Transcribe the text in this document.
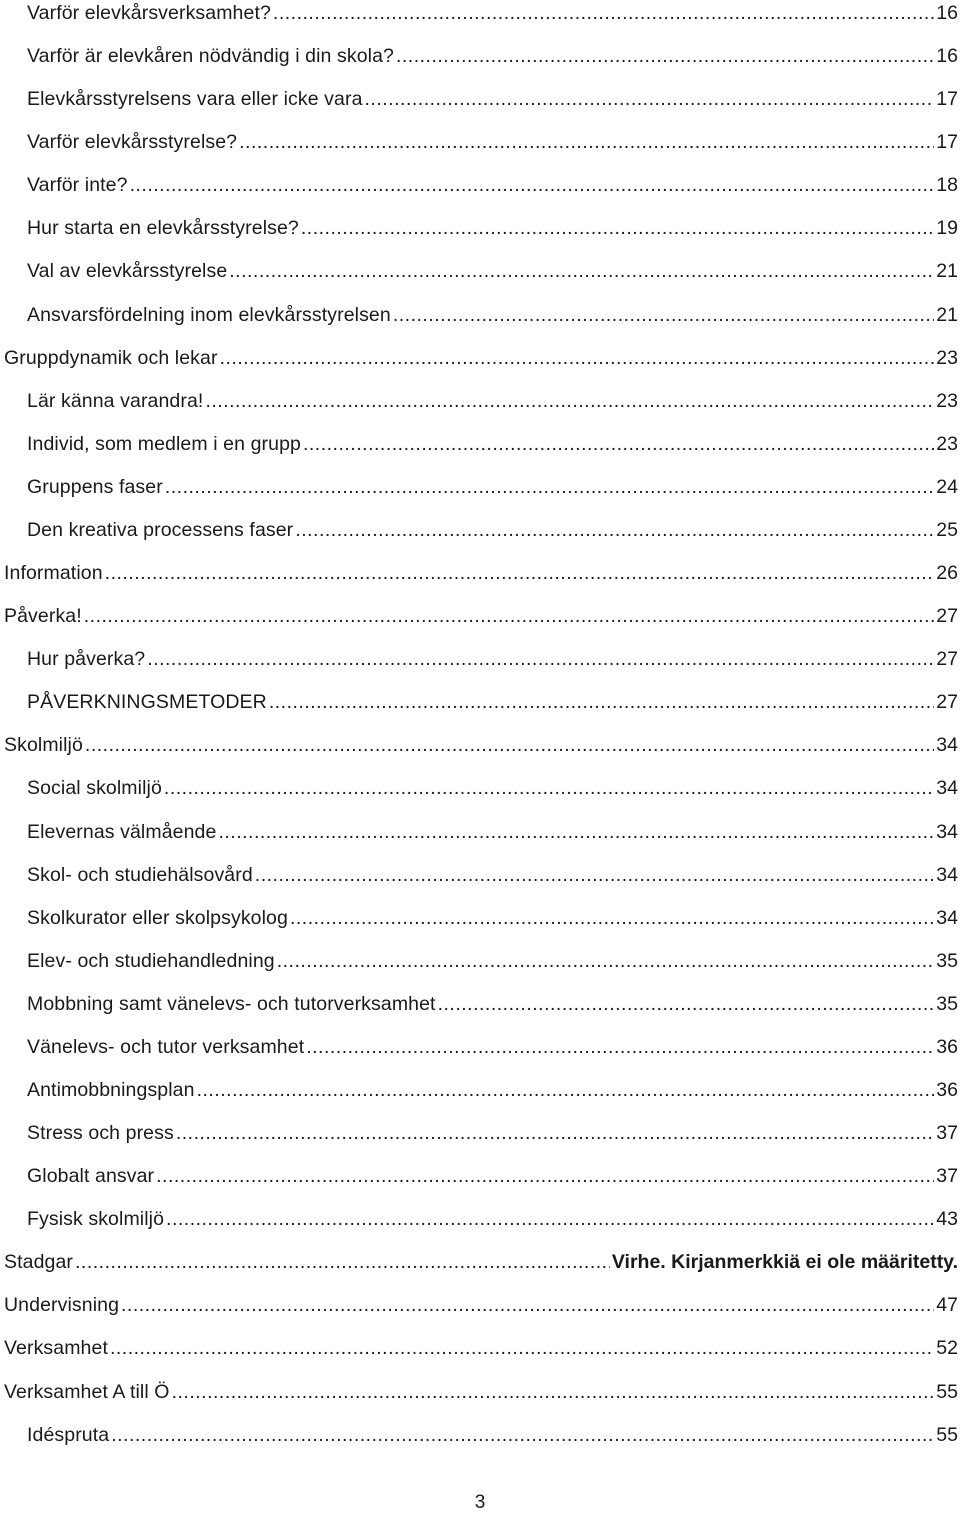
Varför elevkårsverksamhet? .....	16
Varför är elevkåren nödvändig i din skola? .....	16
Elevkårsstyrelsens vara eller icke vara .....	17
Varför elevkårsstyrelse? .....	17
Varför inte? .....	18
Hur starta en elevkårsstyrelse? .....	19
Val av elevkårsstyrelse .....	21
Ansvarsfördelning inom elevkårsstyrelsen .....	21
Gruppdynamik och lekar .....	23
Lär känna varandra! .....	23
Individ, som medlem i en grupp .....	23
Gruppens faser .....	24
Den kreativa processens faser .....	25
Information .....	26
Påverka! .....	27
Hur påverka? .....	27
PÅVERKNINGSMETODER .....	27
Skolmiljö .....	34
Social skolmiljö .....	34
Elevernas välmående .....	34
Skol- och studiehälsovård .....	34
Skolkurator eller skolpsykolog .....	34
Elev- och studiehandledning .....	35
Mobbning samt vänelevs- och tutorverksamhet .....	35
Vänelevs- och tutor verksamhet .....	36
Antimobbningsplan .....	36
Stress och press .....	37
Globalt ansvar .....	37
Fysisk skolmiljö .....	43
Stadgar .....	Virhe. Kirjanmerkkiä ei ole määritetty.
Undervisning .....	47
Verksamhet .....	52
Verksamhet A till Ö .....	55
Idéspruta .....	55
3
